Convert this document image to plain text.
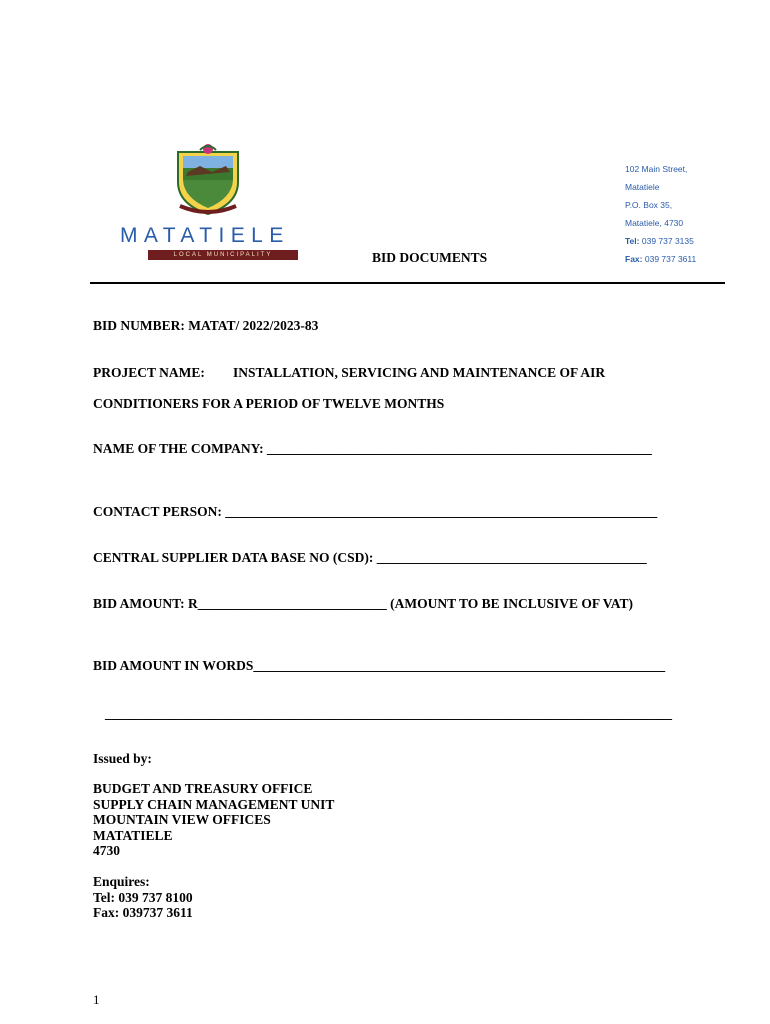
MATATIELE
LOCAL MUNICIPALITY	BID DOCUMENTS
102 Main Street,
Matatiele
P.O. Box 35,
Matatiele, 4730
Tel: 039 737 3135
Fax: 039 737 3611
BID NUMBER: MATAT/ 2022/2023-83
PROJECT NAME: INSTALLATION, SERVICING AND MAINTENANCE OF AIR
CONDITIONERS FOR A PERIOD OF TWELVE MONTHS
NAME OF THE COMPANY: _________________________________________________________
CONTACT PERSON: ________________________________________________________________
CENTRAL SUPPLIER DATA BASE NO (CSD): ________________________________________
BID AMOUNT: R____________________________ (AMOUNT TO BE INCLUSIVE OF VAT)
BID AMOUNT IN WORDS_____________________________________________________________
____________________________________________________________________________________
Issued by:
BUDGET AND TREASURY OFFICE
SUPPLY CHAIN MANAGEMENT UNIT
MOUNTAIN VIEW OFFICES
MATATIELE
4730
Enquires:
Tel: 039 737 8100
Fax: 039737 3611
1
